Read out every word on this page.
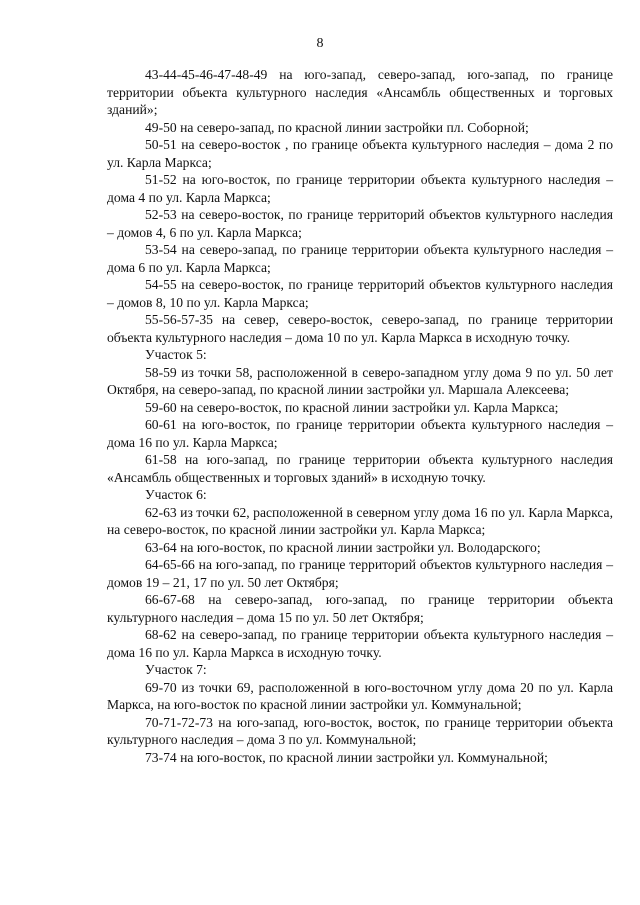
8

43-44-45-46-47-48-49 на юго-запад, северо-запад, юго-запад, по границе территории объекта культурного наследия «Ансамбль общественных и торговых зданий»;

49-50 на северо-запад, по красной линии застройки пл. Соборной;

50-51 на северо-восток , по границе объекта культурного наследия – дома 2 по ул. Карла Маркса;

51-52 на юго-восток, по границе территории объекта культурного наследия – дома 4 по ул. Карла Маркса;

52-53 на северо-восток, по границе территорий объектов культурного наследия – домов 4, 6 по ул. Карла Маркса;

53-54 на северо-запад, по границе территории объекта культурного наследия – дома 6 по ул. Карла Маркса;

54-55 на северо-восток, по границе территорий объектов культурного наследия – домов 8, 10 по ул. Карла Маркса;

55-56-57-35 на север, северо-восток, северо-запад, по границе территории объекта культурного наследия – дома 10 по ул. Карла Маркса в исходную точку.

Участок 5:

58-59 из точки 58, расположенной в северо-западном углу дома 9 по ул. 50 лет Октября, на северо-запад, по красной линии застройки ул. Маршала Алексеева;

59-60 на северо-восток, по красной линии застройки ул. Карла Маркса;

60-61 на юго-восток, по границе территории объекта культурного наследия – дома 16 по ул. Карла Маркса;

61-58 на юго-запад, по границе территории объекта культурного наследия «Ансамбль общественных и торговых зданий» в исходную точку.

Участок 6:

62-63 из точки 62, расположенной в северном углу дома 16 по ул. Карла Маркса, на северо-восток, по красной линии застройки ул. Карла Маркса;

63-64 на юго-восток, по красной линии застройки ул. Володарского;

64-65-66 на юго-запад, по границе территорий объектов культурного наследия – домов 19 – 21, 17 по ул. 50 лет Октября;

66-67-68 на северо-запад, юго-запад, по границе территории объекта культурного наследия – дома 15 по ул. 50 лет Октября;

68-62 на северо-запад, по границе территории объекта культурного наследия – дома 16 по ул. Карла Маркса в исходную точку.

Участок 7:

69-70 из точки 69, расположенной в юго-восточном углу дома 20 по ул. Карла Маркса, на юго-восток по красной линии застройки ул. Коммунальной;

70-71-72-73 на юго-запад, юго-восток, восток, по границе территории объекта культурного наследия – дома 3 по ул. Коммунальной;

73-74 на юго-восток, по красной линии застройки ул. Коммунальной;
